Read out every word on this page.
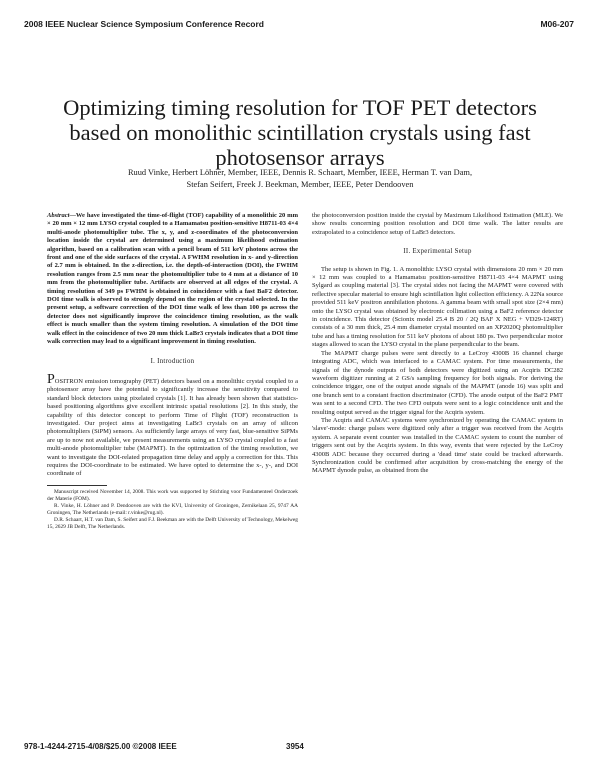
2008 IEEE Nuclear Science Symposium Conference Record	M06-207
Optimizing timing resolution for TOF PET detectors based on monolithic scintillation crystals using fast photosensor arrays
Ruud Vinke, Herbert Löhner, Member, IEEE, Dennis R. Schaart, Member, IEEE, Herman T. van Dam,
Stefan Seifert, Freek J. Beekman, Member, IEEE, Peter Dendooven
Abstract—We have investigated the time-of-flight (TOF) capability of a monolithic 20 mm × 20 mm × 12 mm LYSO crystal coupled to a Hamamatsu position-sensitive H8711-03 4×4 multi-anode photomultiplier tube. The x, y, and z-coordinates of the photoconversion location inside the crystal are determined using a maximum likelihood estimation algorithm, based on a calibration scan with a pencil beam of 511 keV photons across the front and one of the side surfaces of the crystal. A FWHM resolution in x- and y-direction of 2.7 mm is obtained. In the z-direction, i.e. the depth-of-interaction (DOI), the FWHM resolution ranges from 2.5 mm near the photomultiplier tube to 4 mm at a distance of 10 mm from the photomultiplier tube. Artifacts are observed at all edges of the crystal. A timing resolution of 349 ps FWHM is obtained in coincidence with a fast BaF2 detector. DOI time walk is observed to strongly depend on the region of the crystal selected. In the present setup, a software correction of the DOI time walk of less than 100 ps across the detector does not significantly improve the coincidence timing resolution, as the walk effect is much smaller than the system timing resolution. A simulation of the DOI time walk effect in the coincidence of two 20 mm thick LaBr3 crystals indicates that a DOI time walk correction may lead to a significant improvement in timing resolution.
I. Introduction

POSITRON emission tomography (PET) detectors based on a monolithic crystal coupled to a photosensor array have the potential to significantly increase the sensitivity compared to standard block detectors using pixelated crystals [1]. It has already been shown that statistics-based positioning algorithms give excellent intrinsic spatial resolutions [2]. In this study, the capability of this detector concept to perform Time of Flight (TOF) reconstruction is investigated. Our project aims at investigating LaBr3 crystals on an array of silicon photomultipliers (SiPM) sensors. As sufficiently large arrays of very fast, blue-sensitive SiPMs are up to now not available, we present measurements using an LYSO crystal coupled to a fast multi-anode photomultiplier tube (MAPMT). In the optimization of the timing resolution, we want to investigate the DOI-related propagation time delay and apply a correction for this. This requires the DOI-coordinate to be estimated. We have opted to determine the x-, y-, and DOI coordinate of

Manuscript received November 14, 2008. This work was supported by Stichting voor Fundamenteel Onderzoek der Materie (FOM).
R. Vinke, H. Löhner and P. Dendooven are with the KVI, University of Groningen, Zernikelaan 25, 9747 AA Groningen, The Netherlands (e-mail: r.vinke@rug.nl).
D.R. Schaart, H.T. van Dam, S. Seifert and F.J. Beekman are with the Delft University of Technology, Mekelweg 15, 2629 JB Delft, The Netherlands.

the photoconversion position inside the crystal by Maximum Likelihood Estimation (MLE). We show results concerning position resolution and DOI time walk. The latter results are extrapolated to a coincidence setup of LaBr3 detectors.

II. Experimental Setup

The setup is shown in Fig. 1. A monolithic LYSO crystal with dimensions 20 mm × 20 mm × 12 mm was coupled to a Hamamatsu position-sensitive H8711-03 4×4 MAPMT using Sylgard as coupling material [3]. The crystal sides not facing the MAPMT were covered with reflective specular material to ensure high scintillation light collection efficiency. A 22Na source provided 511 keV positron annihilation photons. A gamma beam with small spot size (2×4 mm) onto the LYSO crystal was obtained by electronic collimation using a BaF2 reference detector in coincidence. This detector (Scionix model 25.4 B 20 / 2Q BAF X NEG + VD29-124RT) consists of a 30 mm thick, 25.4 mm diameter crystal mounted on an XP2020Q photomultiplier tube and has a timing resolution for 511 keV photons of about 180 ps. Two perpendicular motor stages allowed to scan the LYSO crystal in the plane perpendicular to the beam.

The MAPMT charge pulses were sent directly to a LeCroy 4300B 16 channel charge integrating ADC, which was interfaced to a CAMAC system. For time measurements, the signals of the dynode outputs of both detectors were digitized using an Acqiris DC282 waveform digitizer running at 2 GS/s sampling frequency for both signals. For deriving the coincidence trigger, one of the output anode signals of the MAPMT (anode 16) was split and one branch sent to a constant fraction discriminator (CFD). The anode output of the BaF2 PMT was sent to a second CFD. The two CFD outputs were sent to a logic coincidence unit and the resulting output served as the trigger signal for the Acqiris system.

The Acqiris and CAMAC systems were synchronized by operating the CAMAC system in 'slave'-mode: charge pulses were digitized only after a trigger was received from the Acqiris system. A separate event counter was installed in the CAMAC system to count the number of triggers sent out by the Acqiris system. In this way, events that were rejected by the LeCroy 4300B ADC because they occurred during a 'dead time' state could be tracked afterwards. Synchronization could be confirmed after acquisition by cross-matching the energy of the MAPMT dynode pulse, as obtained from the

978-1-4244-2715-4/08/$25.00 ©2008 IEEE	3954
